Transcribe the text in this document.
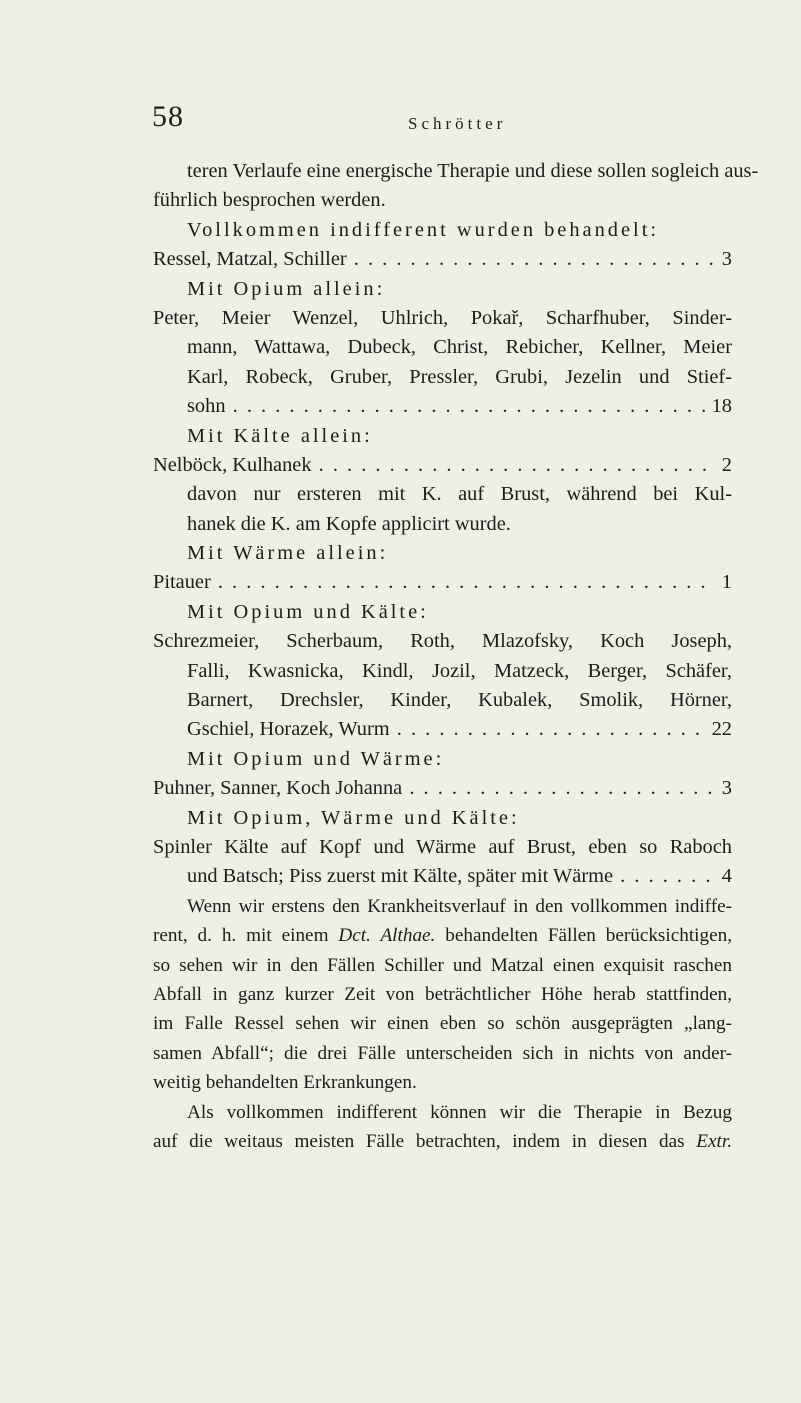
58	Schrötter
teren Verlaufe eine energische Therapie und diese sollen sogleich aus-
führlich besprochen werden.
Vollkommen indifferent wurden behandelt:
Ressel, Matzal, Schiller . . .	3
Mit Opium allein:
Peter, Meier Wenzel, Uhlrich, Pokař, Scharfhuber, Sinder-
mann, Wattawa, Dubeck, Christ, Rebicher, Kellner, Meier
Karl, Robeck, Gruber, Pressler, Grubi, Jezelin und Stief-
sohn . . .	18
Mit Kälte allein:
Nelböck, Kulhanek . . .	2
davon nur ersteren mit K. auf Brust, während bei Kul-
hanek die K. am Kopfe applicirt wurde.
Mit Wärme allein:
Pitauer . . .	1
Mit Opium und Kälte:
Schrezmeier, Scherbaum, Roth, Mlazofsky, Koch Joseph,
Falli, Kwasnicka, Kindl, Jozil, Matzeck, Berger, Schäfer,
Barnert, Drechsler, Kinder, Kubalek, Smolik, Hörner,
Gschiel, Horazek, Wurm . . .	22
Mit Opium und Wärme:
Puhner, Sanner, Koch Johanna . . .	3
Mit Opium, Wärme und Kälte:
Spinler Kälte auf Kopf und Wärme auf Brust, eben so Raboch
und Batsch; Piss zuerst mit Kälte, später mit Wärme . . .	4
Wenn wir erstens den Krankheitsverlauf in den vollkommen indiffe-
rent, d. h. mit einem Dct. Althae. behandelten Fällen berücksichtigen,
so sehen wir in den Fällen Schiller und Matzal einen exquisit raschen
Abfall in ganz kurzer Zeit von beträchtlicher Höhe herab stattfinden,
im Falle Ressel sehen wir einen eben so schön ausgeprägten „lang-
samen Abfall“; die drei Fälle unterscheiden sich in nichts von ander-
weitig behandelten Erkrankungen.
Als vollkommen indifferent können wir die Therapie in Bezug
auf die weitaus meisten Fälle betrachten, indem in diesen das Extr.
